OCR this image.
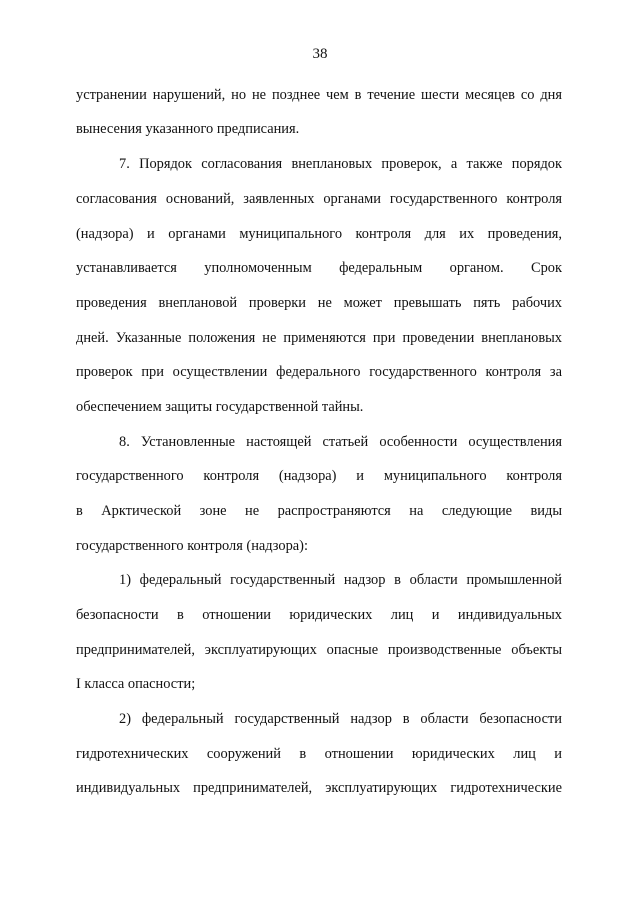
38
устранении нарушений, но не позднее чем в течение шести месяцев со дня
вынесения указанного предписания.
7. Порядок согласования внеплановых проверок, а также порядок
согласования оснований, заявленных органами государственного контроля
(надзора) и органами муниципального контроля для их проведения,
устанавливается уполномоченным федеральным органом. Срок
проведения внеплановой проверки не может превышать пять рабочих
дней. Указанные положения не применяются при проведении внеплановых
проверок при осуществлении федерального государственного контроля за
обеспечением защиты государственной тайны.
8. Установленные настоящей статьей особенности осуществления
государственного контроля (надзора) и муниципального контроля
в Арктической зоне не распространяются на следующие виды
государственного контроля (надзора):
1) федеральный государственный надзор в области промышленной
безопасности в отношении юридических лиц и индивидуальных
предпринимателей, эксплуатирующих опасные производственные объекты
I класса опасности;
2) федеральный государственный надзор в области безопасности
гидротехнических сооружений в отношении юридических лиц и
индивидуальных предпринимателей, эксплуатирующих гидротехнические
